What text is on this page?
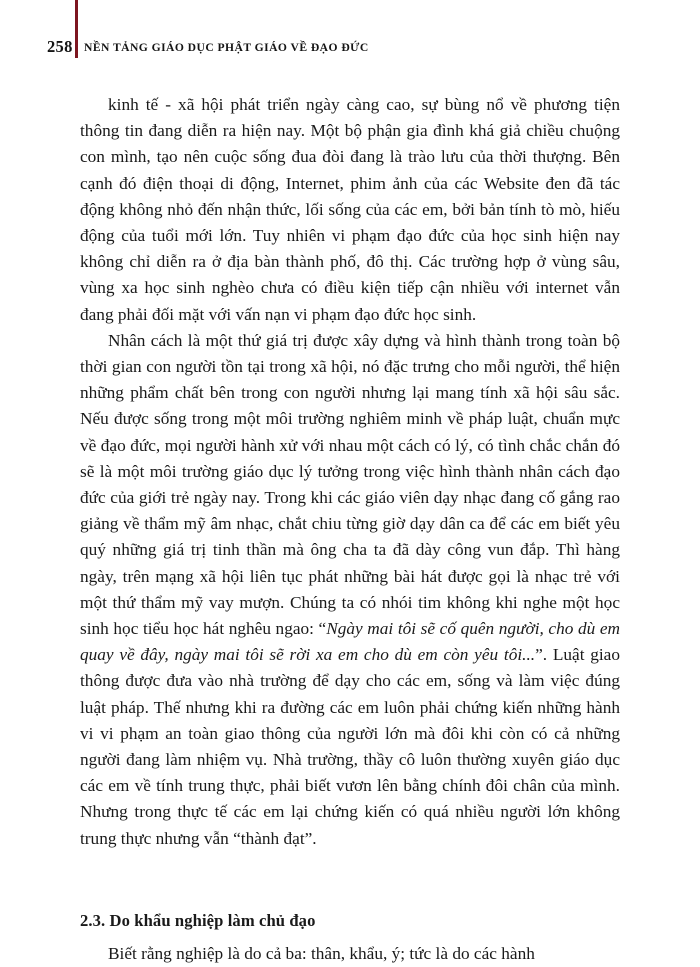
258 NỀN TẢNG GIÁO DỤC PHẬT GIÁO VỀ ĐẠO ĐỨC

kinh tế - xã hội phát triển ngày càng cao, sự bùng nổ về phương tiện thông tin đang diễn ra hiện nay. Một bộ phận gia đình khá giả chiều chuộng con mình, tạo nên cuộc sống đua đòi đang là trào lưu của thời thượng. Bên cạnh đó điện thoại di động, Internet, phim ảnh của các Website đen đã tác động không nhỏ đến nhận thức, lối sống của các em, bởi bản tính tò mò, hiếu động của tuổi mới lớn. Tuy nhiên vi phạm đạo đức của học sinh hiện nay không chỉ diễn ra ở địa bàn thành phố, đô thị. Các trường hợp ở vùng sâu, vùng xa học sinh nghèo chưa có điều kiện tiếp cận nhiều với internet vẫn đang phải đối mặt với vấn nạn vi phạm đạo đức học sinh.

Nhân cách là một thứ giá trị được xây dựng và hình thành trong toàn bộ thời gian con người tồn tại trong xã hội, nó đặc trưng cho mỗi người, thể hiện những phẩm chất bên trong con người nhưng lại mang tính xã hội sâu sắc. Nếu được sống trong một môi trường nghiêm minh về pháp luật, chuẩn mực về đạo đức, mọi người hành xử với nhau một cách có lý, có tình chắc chắn đó sẽ là một môi trường giáo dục lý tưởng trong việc hình thành nhân cách đạo đức của giới trẻ ngày nay. Trong khi các giáo viên dạy nhạc đang cố gắng rao giảng về thẩm mỹ âm nhạc, chắt chiu từng giờ dạy dân ca để các em biết yêu quý những giá trị tinh thần mà ông cha ta đã dày công vun đắp. Thì hàng ngày, trên mạng xã hội liên tục phát những bài hát được gọi là nhạc trẻ với một thứ thẩm mỹ vay mượn. Chúng ta có nhói tim không khi nghe một học sinh học tiểu học hát nghêu ngao: “Ngày mai tôi sẽ cố quên người, cho dù em quay về đây, ngày mai tôi sẽ rời xa em cho dù em còn yêu tôi...”. Luật giao thông được đưa vào nhà trường để dạy cho các em, sống và làm việc đúng luật pháp. Thế nhưng khi ra đường các em luôn phải chứng kiến những hành vi vi phạm an toàn giao thông của người lớn mà đôi khi còn có cả những người đang làm nhiệm vụ. Nhà trường, thầy cô luôn thường xuyên giáo dục các em về tính trung thực, phải biết vươn lên bằng chính đôi chân của mình. Nhưng trong thực tế các em lại chứng kiến có quá nhiều người lớn không trung thực nhưng vẫn “thành đạt”.

2.3. Do khẩu nghiệp làm chủ đạo

Biết rằng nghiệp là do cả ba: thân, khẩu, ý; tức là do các hành
